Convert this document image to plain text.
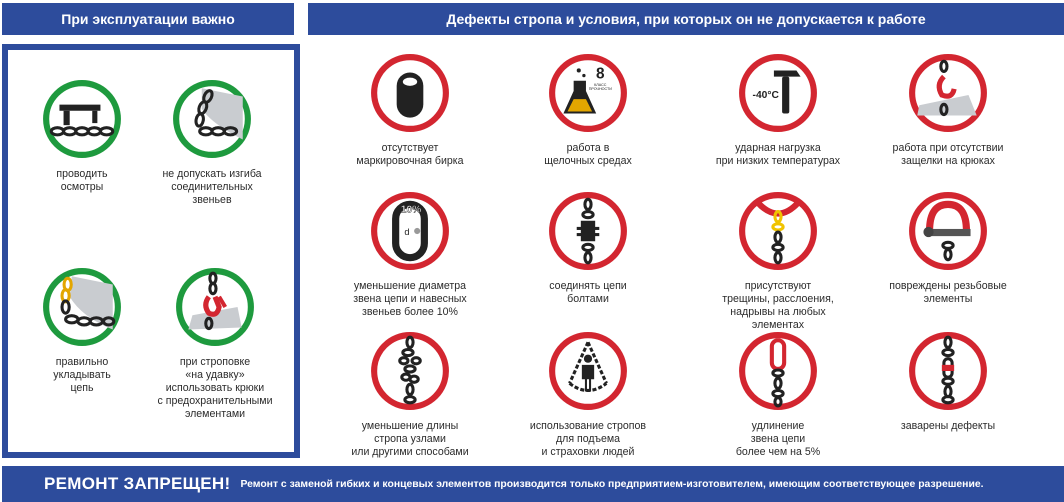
При эксплуатации важно	Дефекты стропа и условия, при которых он не допускается к работе
проводить
осмотры
не допускать изгиба
соединительных
звеньев
правильно
укладывать
цепь
при строповке
«на удавку»
использовать крюки
с предохранительными
элементами
отсутствует
маркировочная бирка
8
КЛАСС
ПРОЧНОСТИ
работа в
щелочных средах
-40°C
ударная нагрузка
при низких температурах
работа при отсутствии
защелки на крюках
10%
d
уменьшение диаметра
звена цепи и навесных
звеньев более 10%
соединять цепи
болтами
присутствуют
трещины, расслоения,
надрывы на любых
элементах
повреждены резьбовые
элементы
уменьшение длины
стропа узлами
или другими способами
использование стропов
для подъема
и страховки людей
удлинение
звена цепи
более чем на 5%
заварены дефекты
РЕМОНТ ЗАПРЕЩЕН! Ремонт с заменой гибких и концевых элементов производится только предприятием-изготовителем, имеющим соответствующее разрешение.
